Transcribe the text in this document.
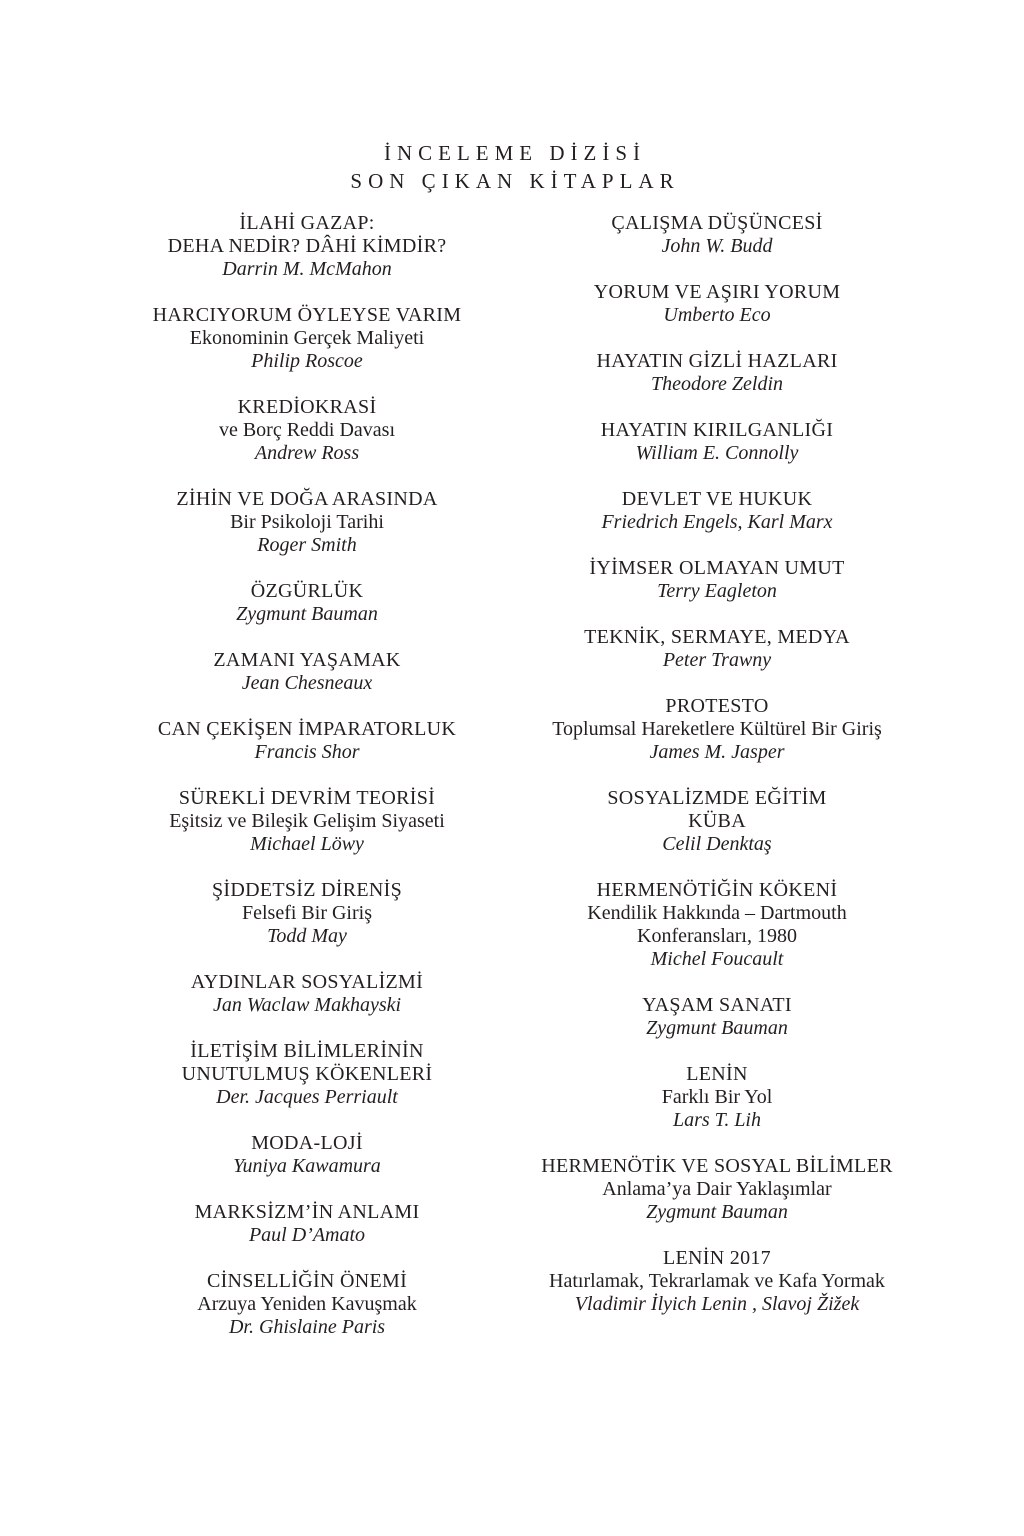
İNCELEME DİZİSİ
SON ÇIKAN KİTAPLAR
İLAHİ GAZAP:
DEHA NEDİR? DÂHİ KİMDİR?
Darrin M. McMahon
HARCIYORUM ÖYLEYSE VARIM
Ekonominin Gerçek Maliyeti
Philip Roscoe
KREDİOKRASİ
ve Borç Reddi Davası
Andrew Ross
ZİHİN VE DOĞA ARASINDA
Bir Psikoloji Tarihi
Roger Smith
ÖZGÜRLÜK
Zygmunt Bauman
ZAMANI YAŞAMAK
Jean Chesneaux
CAN ÇEKİŞEN İMPARATORLUK
Francis Shor
SÜREKLİ DEVRİM TEORİSİ
Eşitsiz ve Bileşik Gelişim Siyaseti
Michael Löwy
ŞİDDETSİZ DİRENİŞ
Felsefi Bir Giriş
Todd May
AYDINLAR SOSYALİZMİ
Jan Waclaw Makhayski
İLETİŞİM BİLİMLERİNİN
UNUTULMUŞ KÖKENLERİ
Der. Jacques Perriault
MODA-LOJİ
Yuniya Kawamura
MARKSİZM’İN ANLAMI
Paul D’Amato
CİNSELLİĞİN ÖNEMİ
Arzuya Yeniden Kavuşmak
Dr. Ghislaine Paris
ÇALIŞMA DÜŞÜNCESİ
John W. Budd
YORUM VE AŞIRI YORUM
Umberto Eco
HAYATIN GİZLİ HAZLARI
Theodore Zeldin
HAYATIN KIRILGANLIĞI
William E. Connolly
DEVLET VE HUKUK
Friedrich Engels, Karl Marx
İYİMSER OLMAYAN UMUT
Terry Eagleton
TEKNİK, SERMAYE, MEDYA
Peter Trawny
PROTESTO
Toplumsal Hareketlere Kültürel Bir Giriş
James M. Jasper
SOSYALİZMDE EĞİTİM
KÜBA
Celil Denktaş
HERMENÖTİĞİN KÖKENİ
Kendilik Hakkında – Dartmouth
Konferansları, 1980
Michel Foucault
YAŞAM SANATI
Zygmunt Bauman
LENİN
Farklı Bir Yol
Lars T. Lih
HERMENÖTİK VE SOSYAL BİLİMLER
Anlama’ya Dair Yaklaşımlar
Zygmunt Bauman
LENİN 2017
Hatırlamak, Tekrarlamak ve Kafa Yormak
Vladimir İlyich Lenin , Slavoj Žižek
